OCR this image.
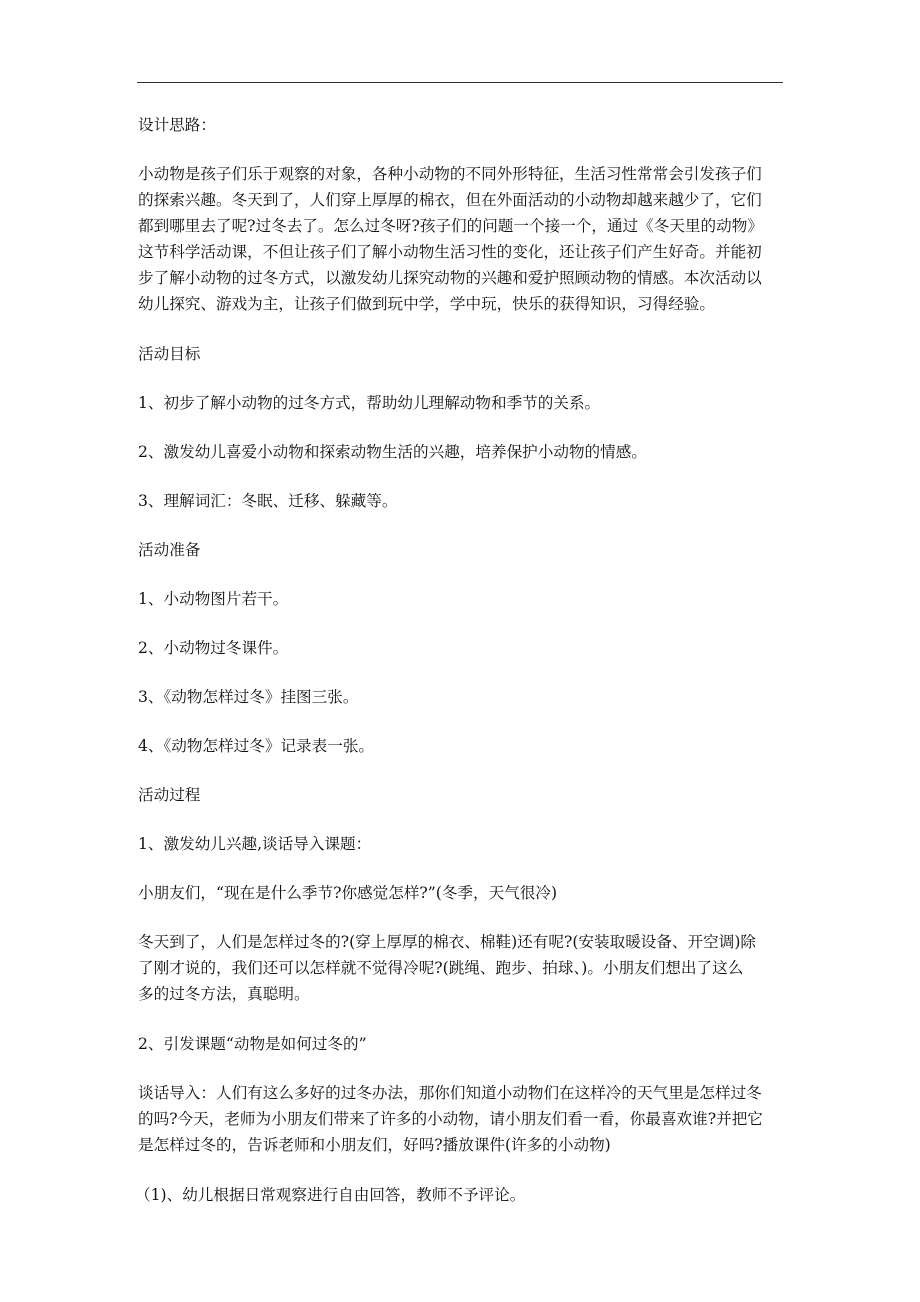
设计思路：
小动物是孩子们乐于观察的对象，各种小动物的不同外形特征，生活习性常常会引发孩子们
的探索兴趣。冬天到了，人们穿上厚厚的棉衣，但在外面活动的小动物却越来越少了，它们
都到哪里去了呢?过冬去了。怎么过冬呀?孩子们的问题一个接一个，通过《冬天里的动物》
这节科学活动课，不但让孩子们了解小动物生活习性的变化，还让孩子们产生好奇。并能初
步了解小动物的过冬方式，以激发幼儿探究动物的兴趣和爱护照顾动物的情感。本次活动以
幼儿探究、游戏为主，让孩子们做到玩中学，学中玩，快乐的获得知识，习得经验。
活动目标
1、初步了解小动物的过冬方式，帮助幼儿理解动物和季节的关系。
2、激发幼儿喜爱小动物和探索动物生活的兴趣，培养保护小动物的情感。
3、理解词汇：冬眠、迁移、躲藏等。
活动准备
1、小动物图片若干。
2、小动物过冬课件。
3、《动物怎样过冬》挂图三张。
4、《动物怎样过冬》记录表一张。
活动过程
1、激发幼儿兴趣,谈话导入课题：
小朋友们，“现在是什么季节?你感觉怎样?”(冬季，天气很冷)
冬天到了，人们是怎样过冬的?(穿上厚厚的棉衣、棉鞋)还有呢?(安装取暖设备、开空调)除
了刚才说的，我们还可以怎样就不觉得冷呢?(跳绳、跑步、拍球、)。小朋友们想出了这么
多的过冬方法，真聪明。
2、引发课题“动物是如何过冬的”
谈话导入：人们有这么多好的过冬办法，那你们知道小动物们在这样冷的天气里是怎样过冬
的吗?今天，老师为小朋友们带来了许多的小动物，请小朋友们看一看，你最喜欢谁?并把它
是怎样过冬的，告诉老师和小朋友们，好吗?播放课件(许多的小动物)
（1)、幼儿根据日常观察进行自由回答，教师不予评论。
